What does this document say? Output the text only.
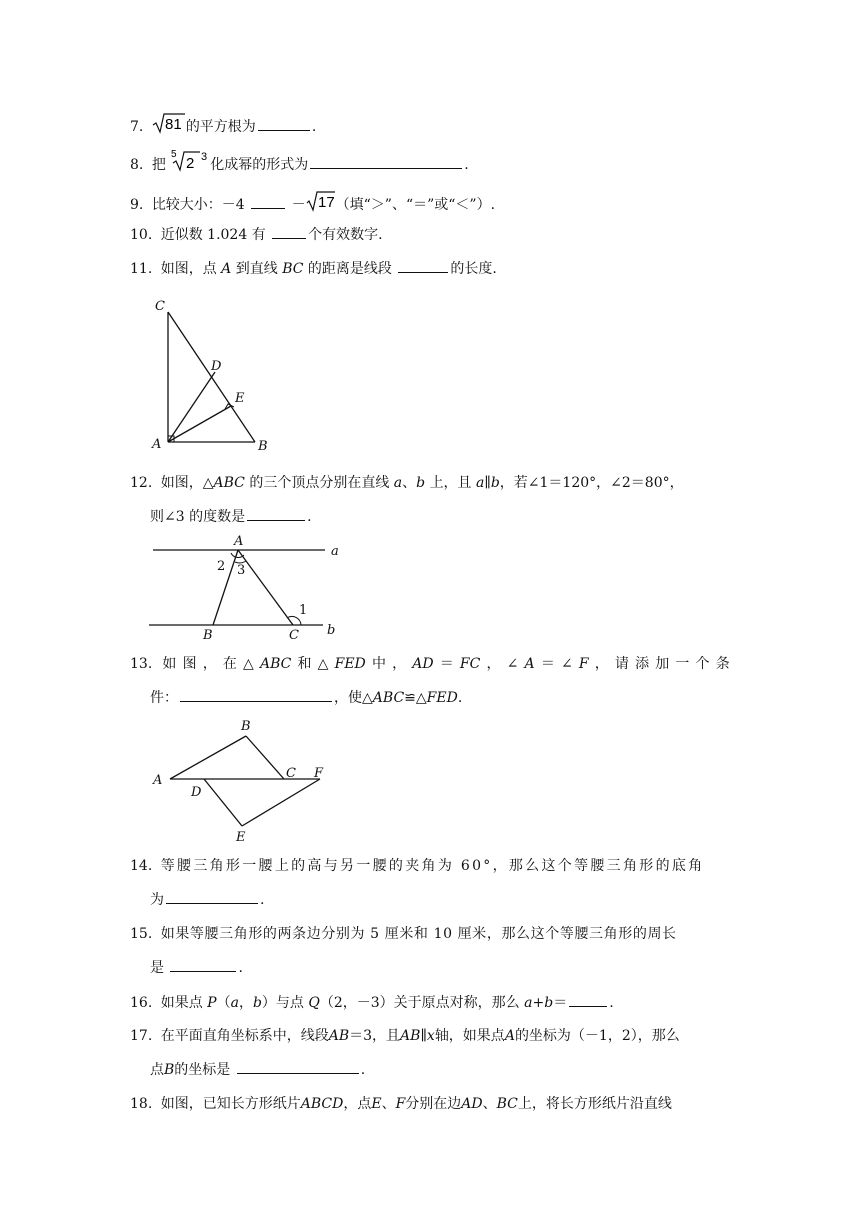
7. 81 的平方根为	.
8. 把
5
2 3 化成幂的形式为	.
9. 比较大小：－4	－ 17 （填“＞”、“＝”或“＜”）.
10. 近似数 1.024 有	个有效数字.
11. 如图，点 A 到直线 BC 的距离是线段	的长度.
C
D
E
A	B
12. 如图，△ABC 的三个顶点分别在直线 a、b 上，且 a∥b，若∠1＝120°，∠2＝80°，
则∠3 的度数是	.
A
a
2 3
1
B	C b
13. 如 图 ， 在 △ ABC 和 △ FED 中 ， AD ＝ FC ， ∠ A ＝ ∠ F ， 请 添 加 一 个 条
件：	，使△ABC≌△FED.
B
A	C F
D
E
14. 等腰三角形一腰上的高与另一腰的夹角为 60°，那么这个等腰三角形的底角
为	.
15. 如果等腰三角形的两条边分别为 5 厘米和 10 厘米，那么这个等腰三角形的周长
是	.
16. 如果点 P（a，b）与点 Q（2，－3）关于原点对称，那么 a+b＝	.
17. 在平面直角坐标系中，线段AB＝3，且AB∥x轴，如果点A的坐标为（－1，2），那么
点B的坐标是	.
18. 如图，已知长方形纸片ABCD，点E、F分别在边AD、BC上，将长方形纸片沿直线
